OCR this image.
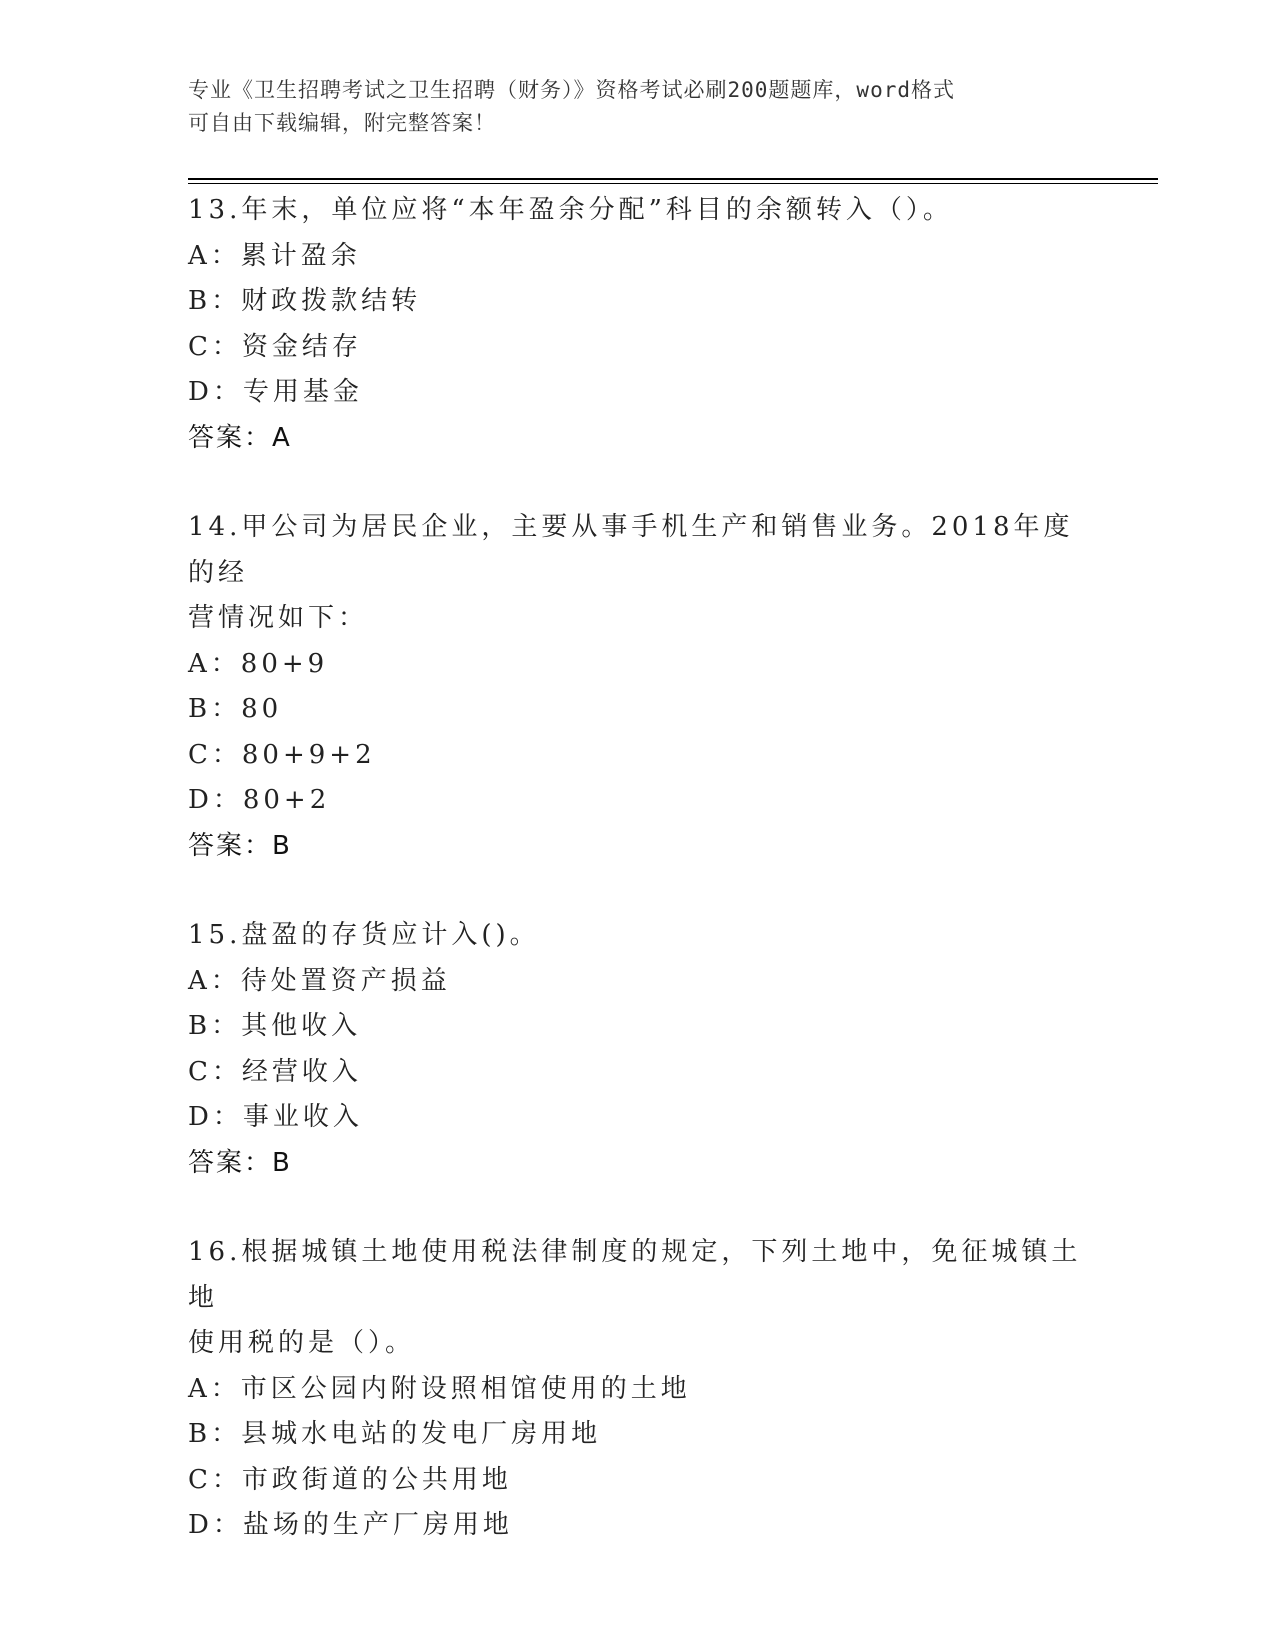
专业《卫生招聘考试之卫生招聘（财务）》资格考试必刷200题题库，word格式
可自由下载编辑，附完整答案！
13.年末，单位应将“本年盈余分配”科目的余额转入（）。
A：累计盈余
B：财政拨款结转
C：资金结存
D：专用基金
答案：A
14.甲公司为居民企业，主要从事手机生产和销售业务。2018年度的经
营情况如下：
A：80+9
B：80
C：80+9+2
D：80+2
答案：B
15.盘盈的存货应计入()。
A：待处置资产损益
B：其他收入
C：经营收入
D：事业收入
答案：B
16.根据城镇土地使用税法律制度的规定，下列土地中，免征城镇土地
使用税的是（）。
A：市区公园内附设照相馆使用的土地
B：县城水电站的发电厂房用地
C：市政街道的公共用地
D：盐场的生产厂房用地
